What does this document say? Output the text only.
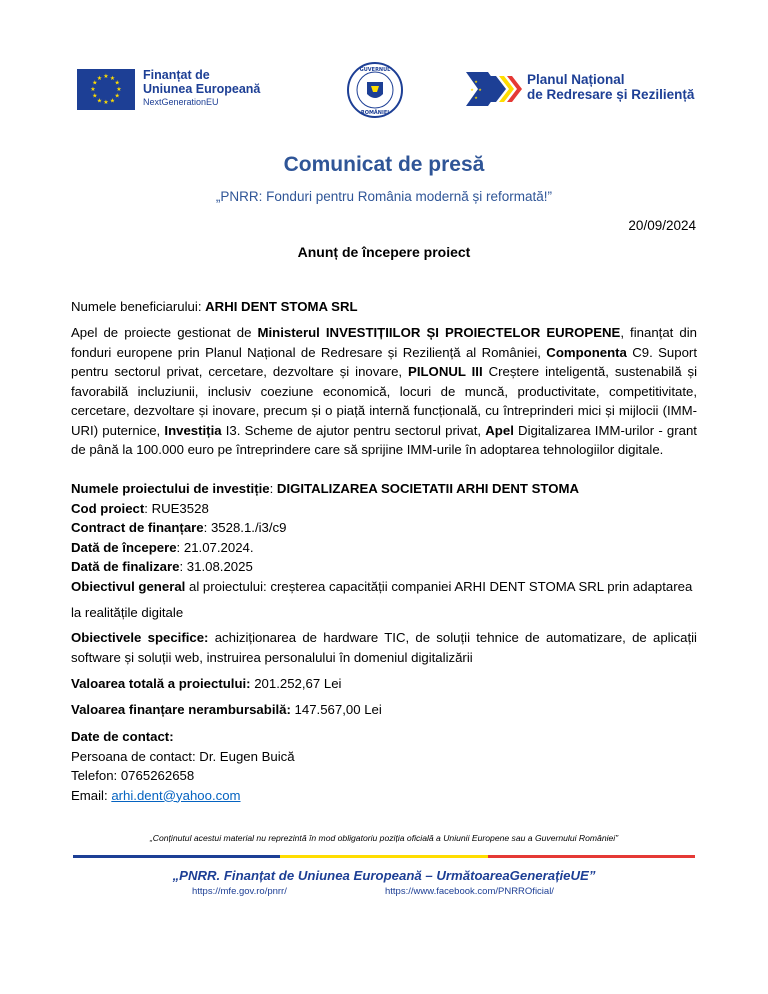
★ ★
★
★
★
★
★
★
★
★
★
★	Finanțat de
Uniunea Europeană
NextGenerationEU
GUVERNUL
ROMÂNIEI
★
★
★
★
Planul Național
de Redresare și Reziliență
Comunicat de presă
„PNRR: Fonduri pentru România modernă și reformată!”
20/09/2024
Anunț de începere proiect
Numele beneficiarului: ARHI DENT STOMA SRL
Apel de proiecte gestionat de Ministerul INVESTIȚIILOR ȘI PROIECTELOR EUROPENE, finanțat din fonduri europene prin Planul Național de Redresare și Reziliență al României, Componenta C9. Suport pentru sectorul privat, cercetare, dezvoltare și inovare, PILONUL III Creștere inteligentă, sustenabilă și favorabilă incluziunii, inclusiv coeziune economică, locuri de muncă, productivitate, competitivitate, cercetare, dezvoltare și inovare, precum și o piață internă funcțională, cu întreprinderi mici și mijlocii (IMM-URI) puternice, Investiția I3. Scheme de ajutor pentru sectorul privat, Apel Digitalizarea IMM-urilor - grant de până la 100.000 euro pe întreprindere care să sprijine IMM-urile în adoptarea tehnologiilor digitale.
Numele proiectului de investiție: DIGITALIZAREA SOCIETATII ARHI DENT STOMA
Cod proiect: RUE3528
Contract de finanțare: 3528.1./i3/c9
Dată de începere: 21.07.2024.
Dată de finalizare: 31.08.2025
Obiectivul general al proiectului: creșterea capacității companiei ARHI DENT STOMA SRL prin adaptarea
la realitățile digitale
Obiectivele specifice: achiziționarea de hardware TIC, de soluții tehnice de automatizare, de aplicații software și soluții web, instruirea personalului în domeniul digitalizării
Valoarea totală a proiectului: 201.252,67 Lei
Valoarea finanțare nerambursabilă: 147.567,00 Lei
Date de contact:
Persoana de contact: Dr. Eugen Buică
Telefon: 0765262658
Email: arhi.dent@yahoo.com
„Conținutul acestui material nu reprezintă în mod obligatoriu poziția oficială a Uniunii Europene sau a Guvernului României”
„PNRR. Finanțat de Uniunea Europeană – UrmătoareaGenerațieUE”
https://mfe.gov.ro/pnrr/	https://www.facebook.com/PNRROficial/
